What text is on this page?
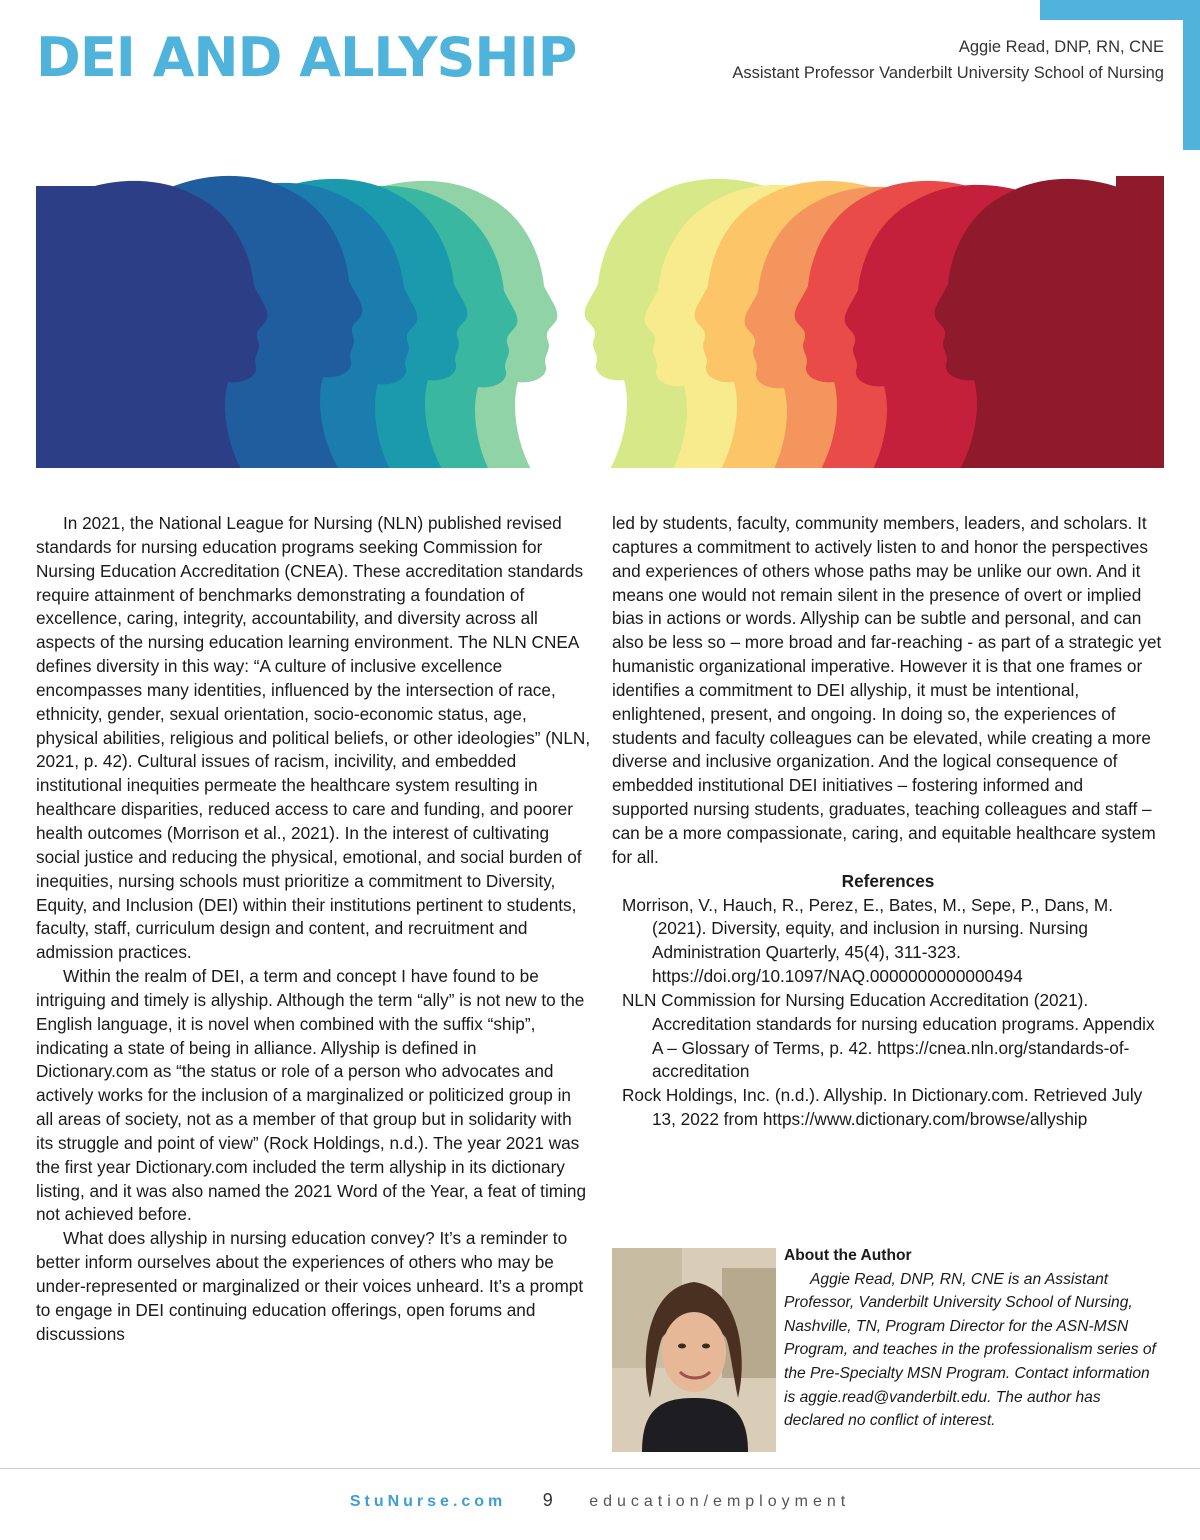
DEI AND ALLYSHIP	Aggie Read, DNP, RN, CNE
Assistant Professor Vanderbilt University School of Nursing

In 2021, the National League for Nursing (NLN) published revised standards for nursing education programs seeking Commission for Nursing Education Accreditation (CNEA). These accreditation standards require attainment of benchmarks demonstrating a foundation of excellence, caring, integrity, accountability, and diversity across all aspects of the nursing education learning environment. The NLN CNEA defines diversity in this way: “A culture of inclusive excellence encompasses many identities, influenced by the intersection of race, ethnicity, gender, sexual orientation, socio-economic status, age, physical abilities, religious and political beliefs, or other ideologies” (NLN, 2021, p. 42). Cultural issues of racism, incivility, and embedded institutional inequities permeate the healthcare system resulting in healthcare disparities, reduced access to care and funding, and poorer health outcomes (Morrison et al., 2021). In the interest of cultivating social justice and reducing the physical, emotional, and social burden of inequities, nursing schools must prioritize a commitment to Diversity, Equity, and Inclusion (DEI) within their institutions pertinent to students, faculty, staff, curriculum design and content, and recruitment and admission practices.

Within the realm of DEI, a term and concept I have found to be intriguing and timely is allyship. Although the term “ally” is not new to the English language, it is novel when combined with the suffix “ship”, indicating a state of being in alliance. Allyship is defined in Dictionary.com as “the status or role of a person who advocates and actively works for the inclusion of a marginalized or politicized group in all areas of society, not as a member of that group but in solidarity with its struggle and point of view” (Rock Holdings, n.d.). The year 2021 was the first year Dictionary.com included the term allyship in its dictionary listing, and it was also named the 2021 Word of the Year, a feat of timing not achieved before.

What does allyship in nursing education convey? It’s a reminder to better inform ourselves about the experiences of others who may be under-represented or marginalized or their voices unheard. It’s a prompt to engage in DEI continuing education offerings, open forums and discussions

led by students, faculty, community members, leaders, and scholars. It captures a commitment to actively listen to and honor the perspectives and experiences of others whose paths may be unlike our own. And it means one would not remain silent in the presence of overt or implied bias in actions or words. Allyship can be subtle and personal, and can also be less so – more broad and far-reaching - as part of a strategic yet humanistic organizational imperative. However it is that one frames or identifies a commitment to DEI allyship, it must be intentional, enlightened, present, and ongoing. In doing so, the experiences of students and faculty colleagues can be elevated, while creating a more diverse and inclusive organization. And the logical consequence of embedded institutional DEI initiatives – fostering informed and supported nursing students, graduates, teaching colleagues and staff – can be a more compassionate, caring, and equitable healthcare system for all.

References

Morrison, V., Hauch, R., Perez, E., Bates, M., Sepe, P., Dans, M. (2021). Diversity, equity, and inclusion in nursing. Nursing Administration Quarterly, 45(4), 311-323. https://doi.org/10.1097/NAQ.0000000000000494

NLN Commission for Nursing Education Accreditation (2021). Accreditation standards for nursing education programs. Appendix A – Glossary of Terms, p. 42. https://cnea.nln.org/standards-of-accreditation

Rock Holdings, Inc. (n.d.). Allyship. In Dictionary.com. Retrieved July 13, 2022 from https://www.dictionary.com/browse/allyship

About the Author

Aggie Read, DNP, RN, CNE is an Assistant Professor, Vanderbilt University School of Nursing, Nashville, TN, Program Director for the ASN-MSN Program, and teaches in the professionalism series of the Pre-Specialty MSN Program. Contact information is aggie.read@vanderbilt.edu. The author has declared no conflict of interest.

StuNurse.com 9 education/employment
